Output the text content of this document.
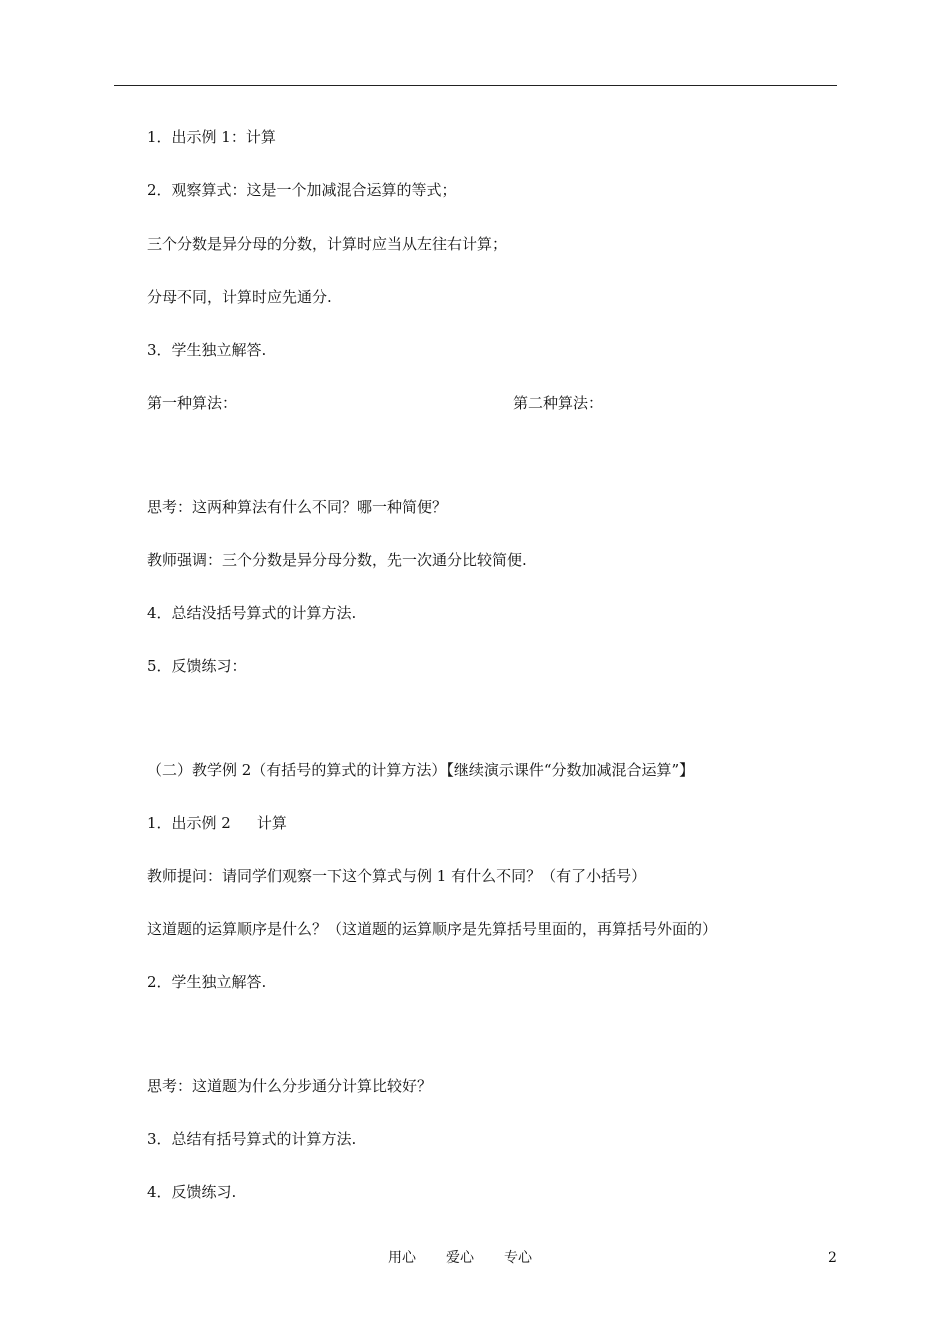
1．出示例 1：计算
2．观察算式：这是一个加减混合运算的等式；
三个分数是异分母的分数，计算时应当从左往右计算；
分母不同，计算时应先通分.
3．学生独立解答.
第一种算法：	第二种算法：
思考：这两种算法有什么不同？哪一种简便？
教师强调：三个分数是异分母分数，先一次通分比较简便.
4．总结没括号算式的计算方法.
5．反馈练习：
（二）教学例 2（有括号的算式的计算方法）【继续演示课件“分数加减混合运算”】
1．出示例 2 计算
教师提问：请同学们观察一下这个算式与例 1 有什么不同？（有了小括号）
这道题的运算顺序是什么？（这道题的运算顺序是先算括号里面的，再算括号外面的）
2．学生独立解答.
思考：这道题为什么分步通分计算比较好？
3．总结有括号算式的计算方法.
4．反馈练习.
用心 爱心 专心	2
